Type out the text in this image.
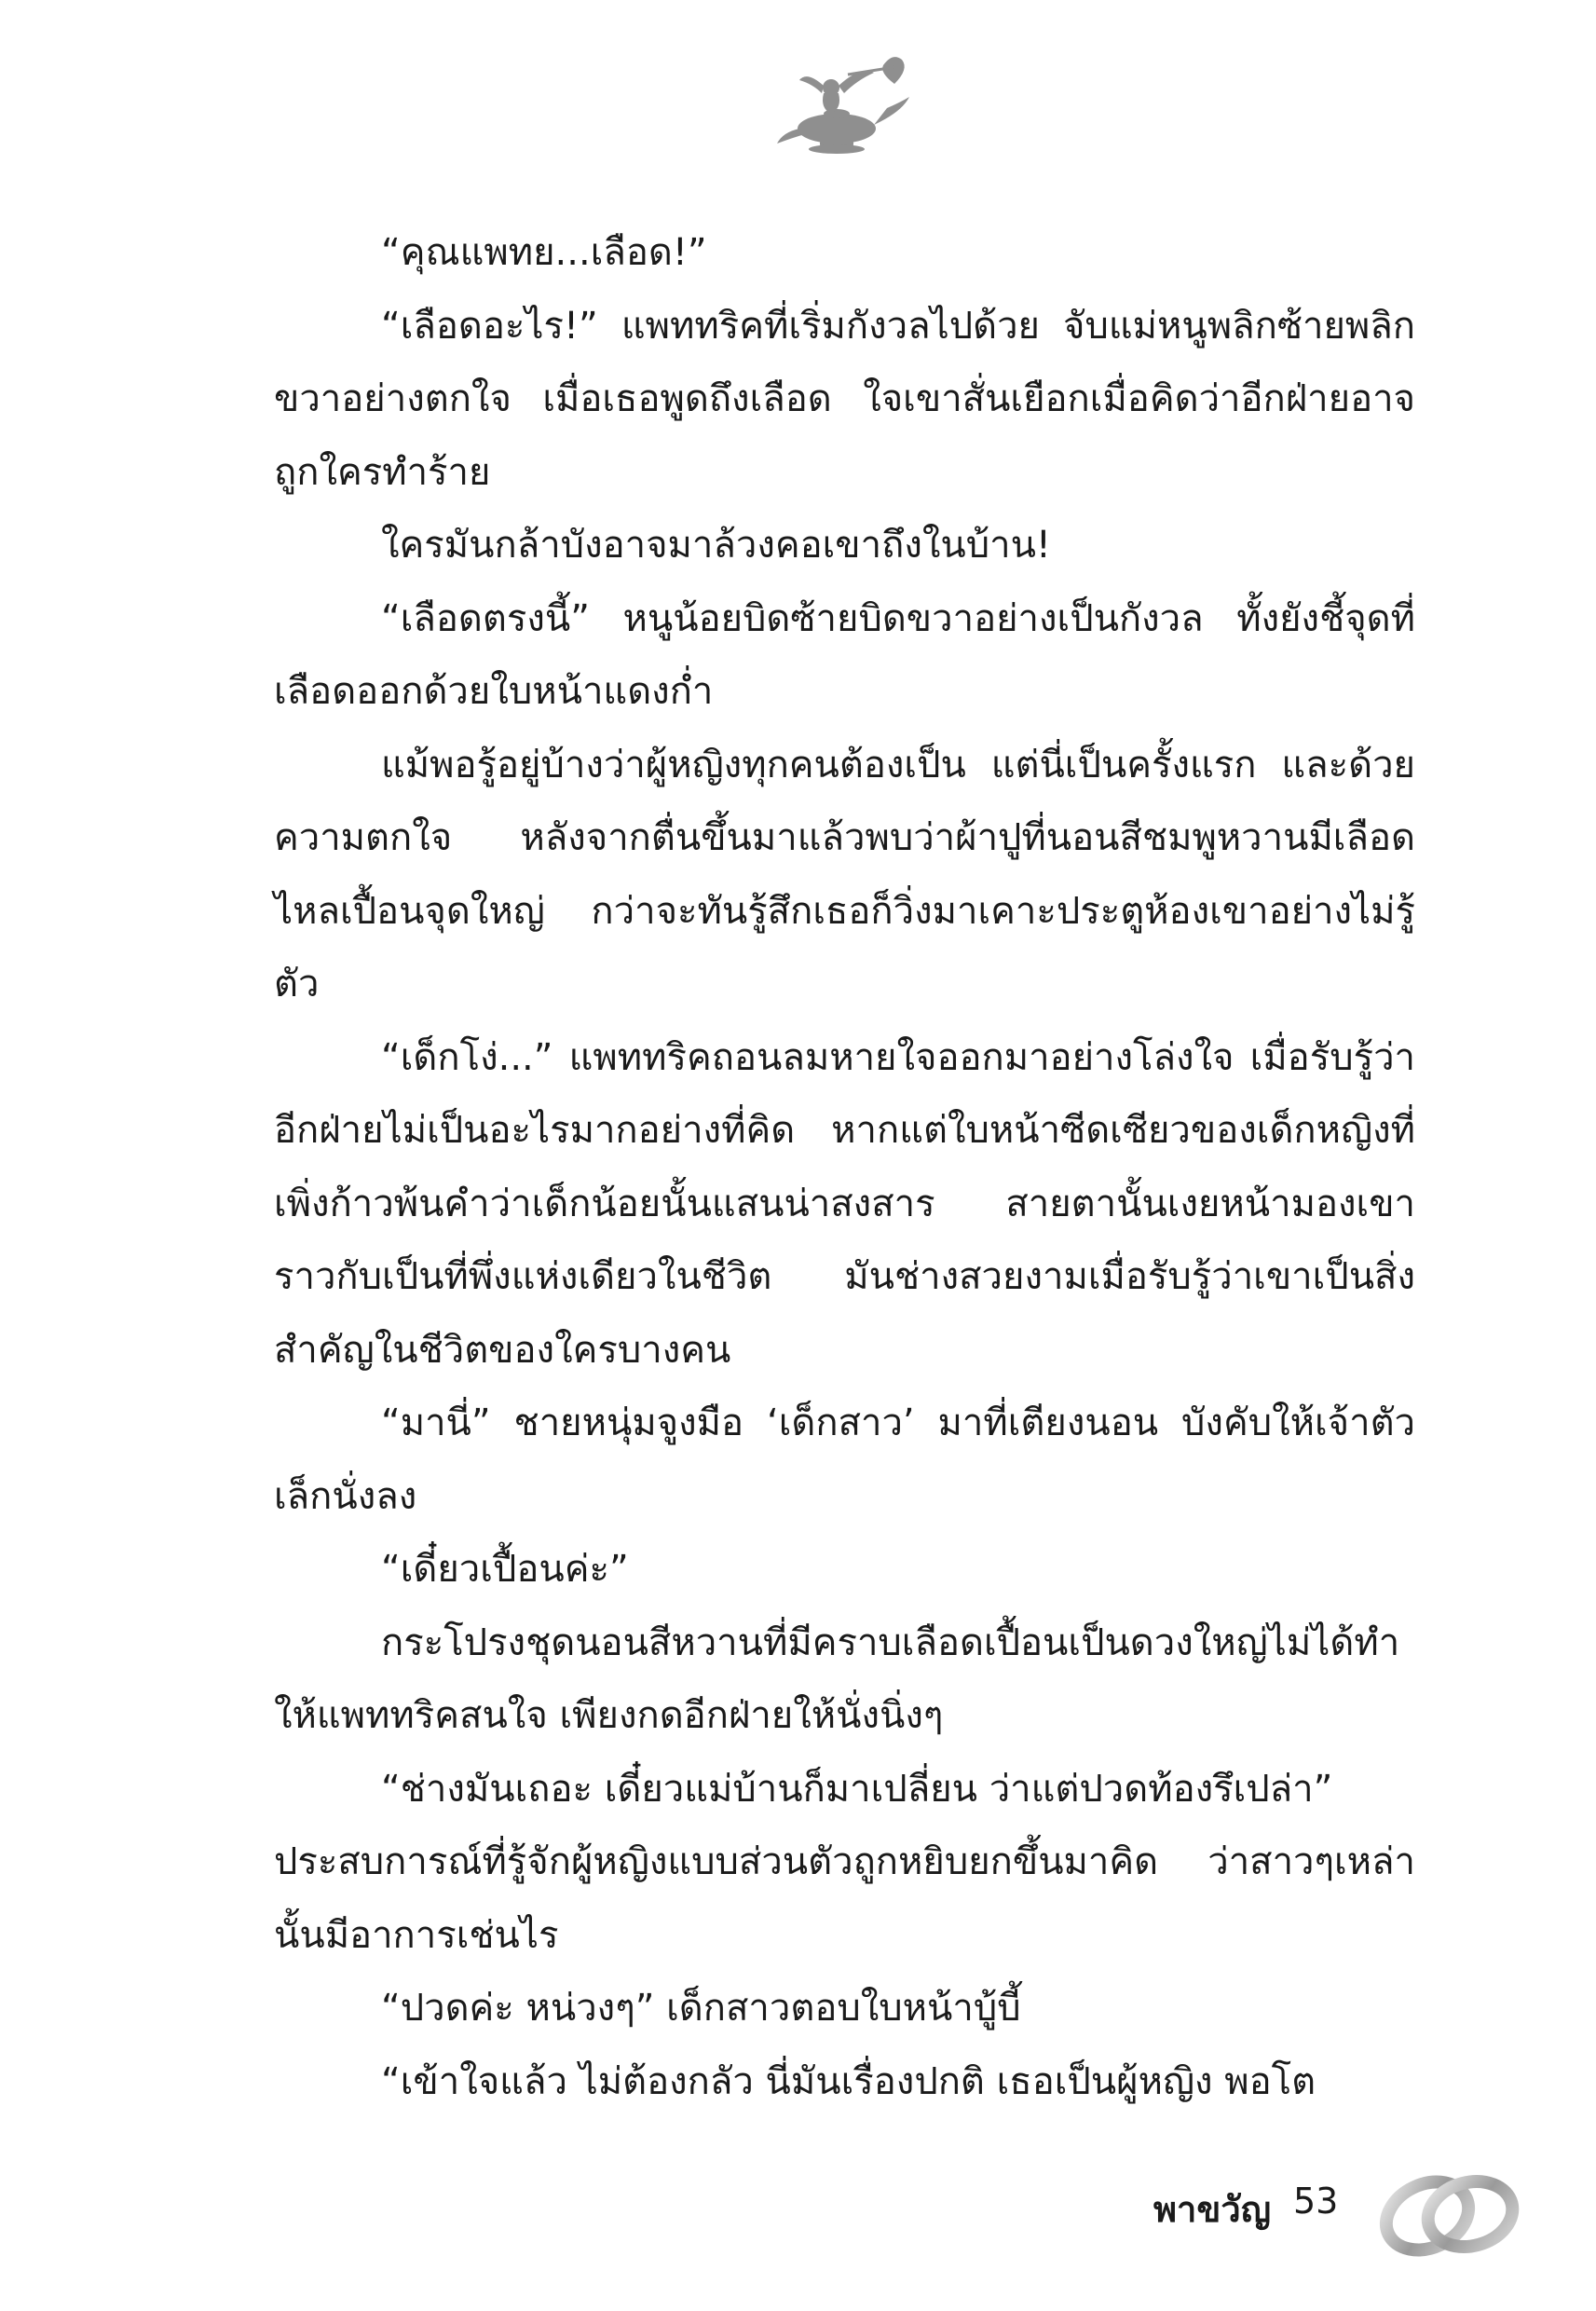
“คุณแพทย...เลือด!”

“เลือดอะไร!” แพททริคที่เริ่มกังวลไปด้วย จับแม่หนูพลิกซ้ายพลิกขวาอย่างตกใจ เมื่อเธอพูดถึงเลือด ใจเขาสั่นเยือกเมื่อคิดว่าอีกฝ่ายอาจถูกใครทำร้าย

ใครมันกล้าบังอาจมาล้วงคอเขาถึงในบ้าน!

“เลือดตรงนี้” หนูน้อยบิดซ้ายบิดขวาอย่างเป็นกังวล ทั้งยังชี้จุดที่เลือดออกด้วยใบหน้าแดงก่ำ

แม้พอรู้อยู่บ้างว่าผู้หญิงทุกคนต้องเป็น แต่นี่เป็นครั้งแรก และด้วยความตกใจ หลังจากตื่นขึ้นมาแล้วพบว่าผ้าปูที่นอนสีชมพูหวานมีเลือดไหลเปื้อนจุดใหญ่ กว่าจะทันรู้สึกเธอก็วิ่งมาเคาะประตูห้องเขาอย่างไม่รู้ตัว

“เด็กโง่...” แพททริคถอนลมหายใจออกมาอย่างโล่งใจ เมื่อรับรู้ว่าอีกฝ่ายไม่เป็นอะไรมากอย่างที่คิด หากแต่ใบหน้าซีดเซียวของเด็กหญิงที่เพิ่งก้าวพ้นคำว่าเด็กน้อยนั้นแสนน่าสงสาร สายตานั้นเงยหน้ามองเขาราวกับเป็นที่พึ่งแห่งเดียวในชีวิต มันช่างสวยงามเมื่อรับรู้ว่าเขาเป็นสิ่งสำคัญในชีวิตของใครบางคน

“มานี่” ชายหนุ่มจูงมือ ‘เด็กสาว’ มาที่เตียงนอน บังคับให้เจ้าตัวเล็กนั่งลง

“เดี๋ยวเปื้อนค่ะ”

กระโปรงชุดนอนสีหวานที่มีคราบเลือดเปื้อนเป็นดวงใหญ่ไม่ได้ทำให้แพททริคสนใจ เพียงกดอีกฝ่ายให้นั่งนิ่งๆ

“ช่างมันเถอะ เดี๋ยวแม่บ้านก็มาเปลี่ยน ว่าแต่ปวดท้องรึเปล่า”

ประสบการณ์ที่รู้จักผู้หญิงแบบส่วนตัวถูกหยิบยกขึ้นมาคิด ว่าสาวๆเหล่านั้นมีอาการเช่นไร

“ปวดค่ะ หน่วงๆ” เด็กสาวตอบใบหน้าบู้บี้

“เข้าใจแล้ว ไม่ต้องกลัว นี่มันเรื่องปกติ เธอเป็นผู้หญิง พอโต

พาขวัญ 53
